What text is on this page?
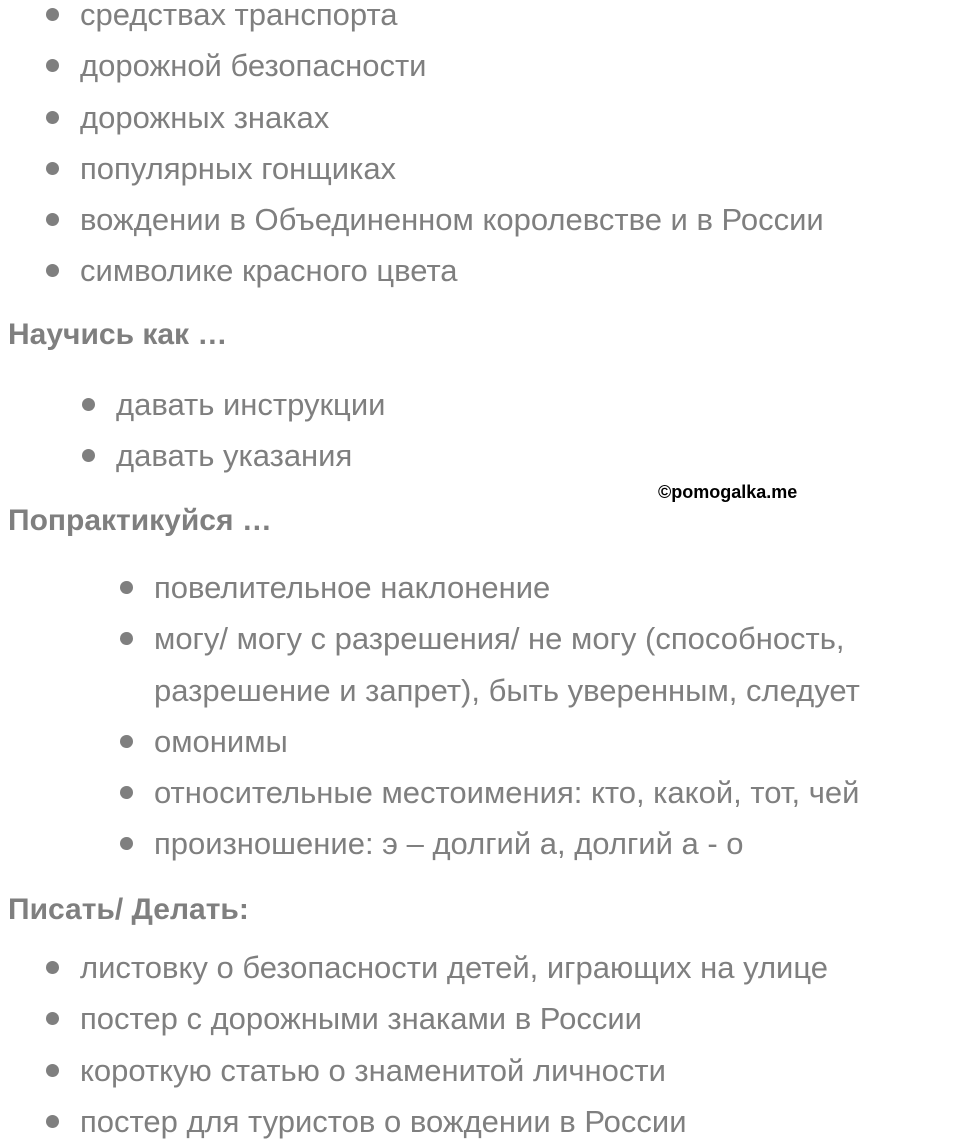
средствах транспорта
дорожной безопасности
дорожных знаках
популярных гонщиках
вождении в Объединенном королевстве и в России
символике красного цвета
Научись как …
давать инструкции
давать указания
©pomogalka.me
Попрактикуйся …
повелительное наклонение
могу/ могу с разрешения/ не могу (способность,
разрешение и запрет), быть уверенным, следует
омонимы
относительные местоимения: кто, какой, тот, чей
произношение: э – долгий а, долгий а - о
Писать/ Делать:
листовку о безопасности детей, играющих на улице
постер с дорожными знаками в России
короткую статью о знаменитой личности
постер для туристов о вождении в России
